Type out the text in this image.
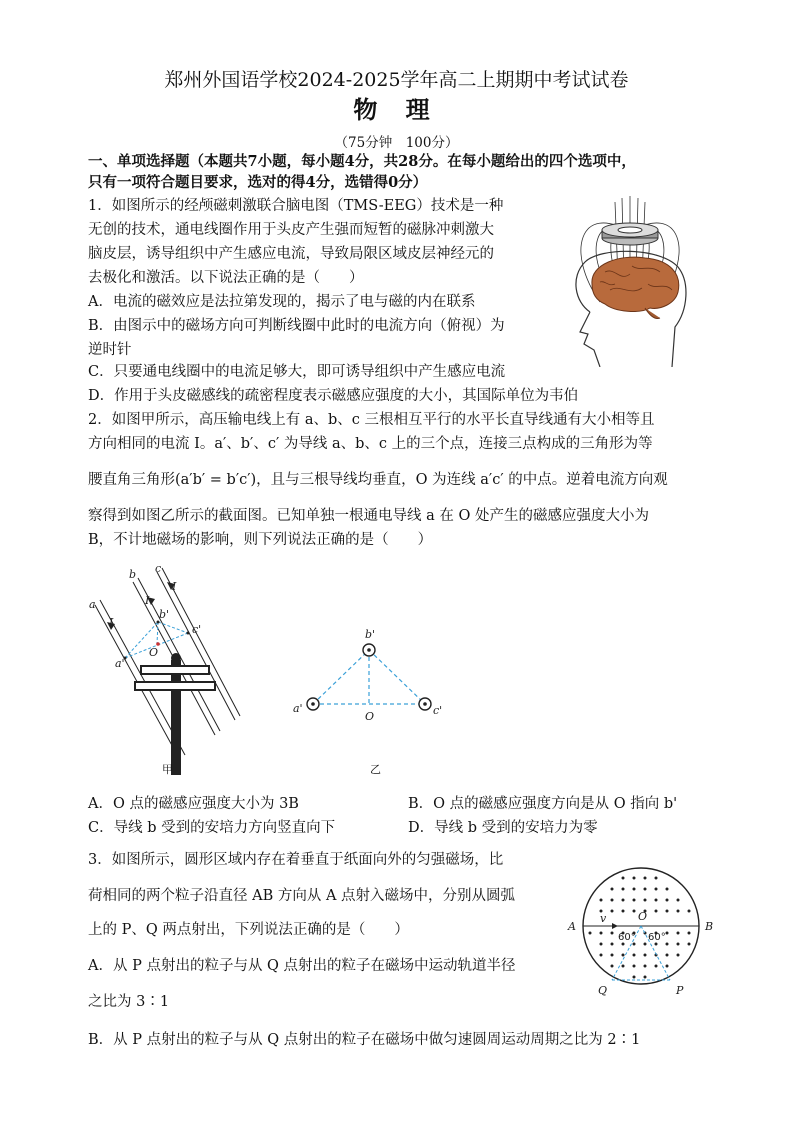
郑州外国语学校2024-2025学年高二上期期中考试试卷
物 理
（75分钟　100分）
一、单项选择题（本题共7小题，每小题4分，共28分。在每小题给出的四个选项中，
只有一项符合题目要求，选对的得4分，选错得0分）
1．如图所示的经颅磁刺激联合脑电图（TMS-EEG）技术是一种
无创的技术，通电线圈作用于头皮产生强而短暂的磁脉冲刺激大
脑皮层，诱导组织中产生感应电流，导致局限区域皮层神经元的
去极化和激活。以下说法正确的是（　　）
A．电流的磁效应是法拉第发现的，揭示了电与磁的内在联系
B．由图示中的磁场方向可判断线圈中此时的电流方向（俯视）为
逆时针
C．只要通电线圈中的电流足够大，即可诱导组织中产生感应电流
D．作用于头皮磁感线的疏密程度表示磁感应强度的大小，其国际单位为韦伯
2．如图甲所示，高压输电线上有 a、b、c 三根相互平行的水平长直导线通有大小相等且
方向相同的电流 I。a′、b′、c′ 为导线 a、b、c 上的三个点，连接三点构成的三角形为等
腰直角三角形(a′b′ = b′c′)，且与三根导线均垂直，O 为连线 a′c′ 的中点。逆着电流方向观
察得到如图乙所示的截面图。已知单独一根通电导线 a 在 O 处产生的磁感应强度大小为
B，不计地磁场的影响，则下列说法正确的是（　　）
a
b c
I
I
I
b'
c'
a'
O
甲
b'
a'	c'
O
乙
A．O 点的磁感应强度大小为 3B	B．O 点的磁感应强度方向是从 O 指向 b'
C．导线 b 受到的安培力方向竖直向下	D．导线 b 受到的安培力为零
3．如图所示，圆形区域内存在着垂直于纸面向外的匀强磁场，比
荷相同的两个粒子沿直径 AB 方向从 A 点射入磁场中，分别从圆弧
上的 P、Q 两点射出，下列说法正确的是（　　）
A．从 P 点射出的粒子与从 Q 点射出的粒子在磁场中运动轨道半径
之比为 3∶1
B．从 P 点射出的粒子与从 Q 点射出的粒子在磁场中做匀速圆周运动周期之比为 2∶1
A	B
O
v
Q	P
60° 60°
